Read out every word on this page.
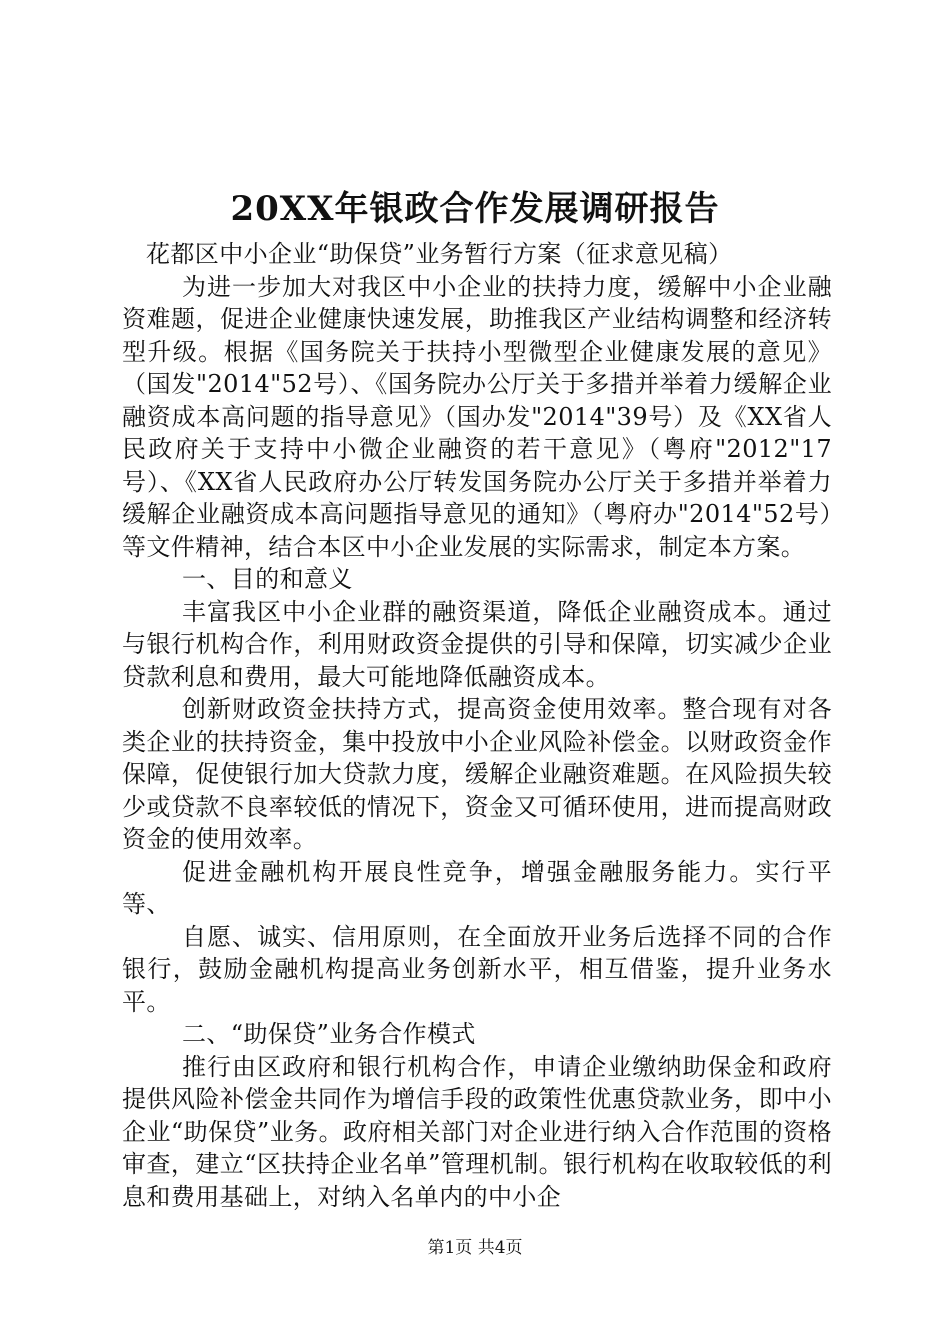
20XX年银政合作发展调研报告

花都区中小企业“助保贷”业务暂行方案（征求意见稿）

为进一步加大对我区中小企业的扶持力度，缓解中小企业融资难题，促进企业健康快速发展，助推我区产业结构调整和经济转型升级。根据《国务院关于扶持小型微型企业健康发展的意见》（国发"2014"52号）、《国务院办公厅关于多措并举着力缓解企业融资成本高问题的指导意见》（国办发"2014"39号）及《XX省人民政府关于支持中小微企业融资的若干意见》（粤府"2012"17号）、《XX省人民政府办公厅转发国务院办公厅关于多措并举着力缓解企业融资成本高问题指导意见的通知》（粤府办"2014"52号）等文件精神，结合本区中小企业发展的实际需求，制定本方案。

一、目的和意义

丰富我区中小企业群的融资渠道，降低企业融资成本。通过与银行机构合作，利用财政资金提供的引导和保障，切实减少企业贷款利息和费用，最大可能地降低融资成本。

创新财政资金扶持方式，提高资金使用效率。整合现有对各类企业的扶持资金，集中投放中小企业风险补偿金。以财政资金作保障，促使银行加大贷款力度，缓解企业融资难题。在风险损失较少或贷款不良率较低的情况下，资金又可循环使用，进而提高财政资金的使用效率。

促进金融机构开展良性竞争，增强金融服务能力。实行平等、

自愿、诚实、信用原则，在全面放开业务后选择不同的合作银行，鼓励金融机构提高业务创新水平，相互借鉴，提升业务水平。

二、“助保贷”业务合作模式

推行由区政府和银行机构合作，申请企业缴纳助保金和政府提供风险补偿金共同作为增信手段的政策性优惠贷款业务，即中小企业“助保贷”业务。政府相关部门对企业进行纳入合作范围的资格审查，建立“区扶持企业名单”管理机制。银行机构在收取较低的利息和费用基础上，对纳入名单内的中小企

第1页 共4页
